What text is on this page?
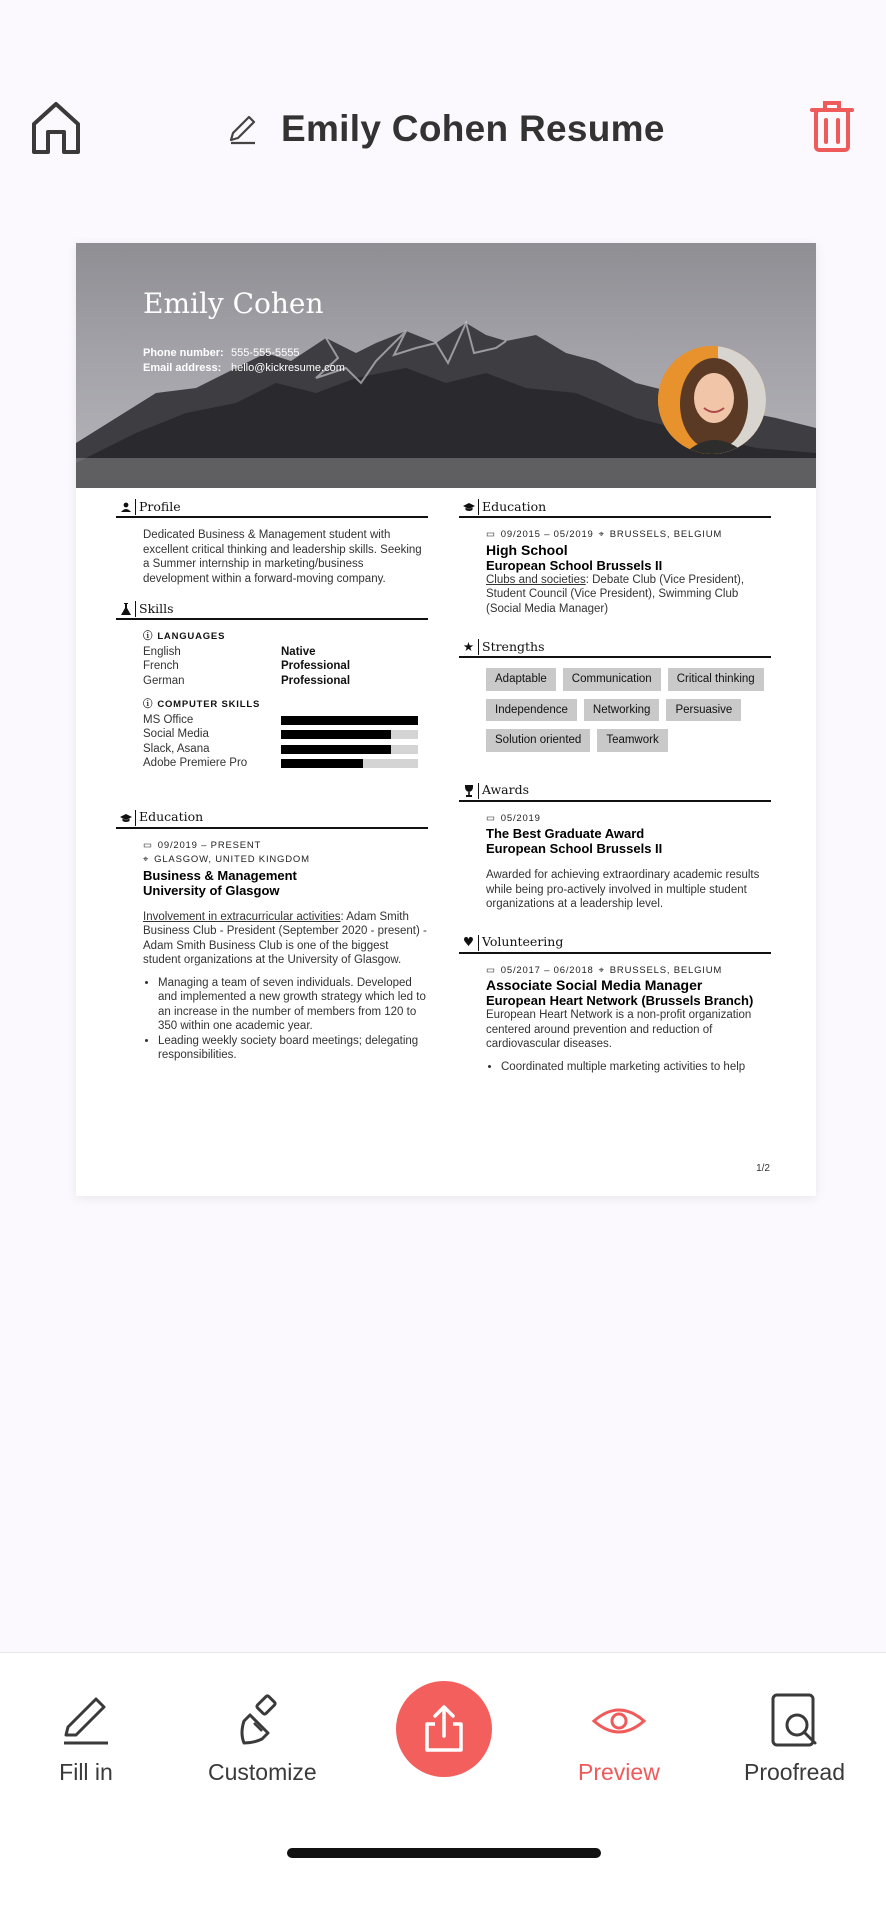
Emily Cohen Resume
Emily Cohen
Phone number: 555-555-5555
Email address: hello@kickresume.com
Profile
Dedicated Business & Management student with excellent critical thinking and leadership skills. Seeking a Summer internship in marketing/business development within a forward-moving company.
Skills
ⓘ LANGUAGES
English	Native
French	Professional
German	Professional
ⓘ COMPUTER SKILLS
MS Office
Social Media
Slack, Asana
Adobe Premiere Pro
Education
▭ 09/2019 – PRESENT
⌖ GLASGOW, UNITED KINGDOM
Business & Management
University of Glasgow
Involvement in extracurricular activities: Adam Smith Business Club - President (September 2020 - present) - Adam Smith Business Club is one of the biggest student organizations at the University of Glasgow.
• Managing a team of seven individuals. Developed and implemented a new growth strategy which led to an increase in the number of members from 120 to 350 within one academic year.
• Leading weekly society board meetings; delegating responsibilities.
Education
▭ 09/2015 – 05/2019 ⌖ BRUSSELS, BELGIUM
High School
European School Brussels II
Clubs and societies: Debate Club (Vice President), Student Council (Vice President), Swimming Club (Social Media Manager)
★ Strengths
Adaptable	Communication	Critical thinking
Independence	Networking	Persuasive
Solution oriented	Teamwork
Awards
▭ 05/2019
The Best Graduate Award
European School Brussels II
Awarded for achieving extraordinary academic results while being pro-actively involved in multiple student organizations at a leadership level.
♥ Volunteering
▭ 05/2017 – 06/2018 ⌖ BRUSSELS, BELGIUM
Associate Social Media Manager
European Heart Network (Brussels Branch)
European Heart Network is a non-profit organization centered around prevention and reduction of cardiovascular diseases.
• Coordinated multiple marketing activities to help
1/2
Fill in	Customize	Preview	Proofread
